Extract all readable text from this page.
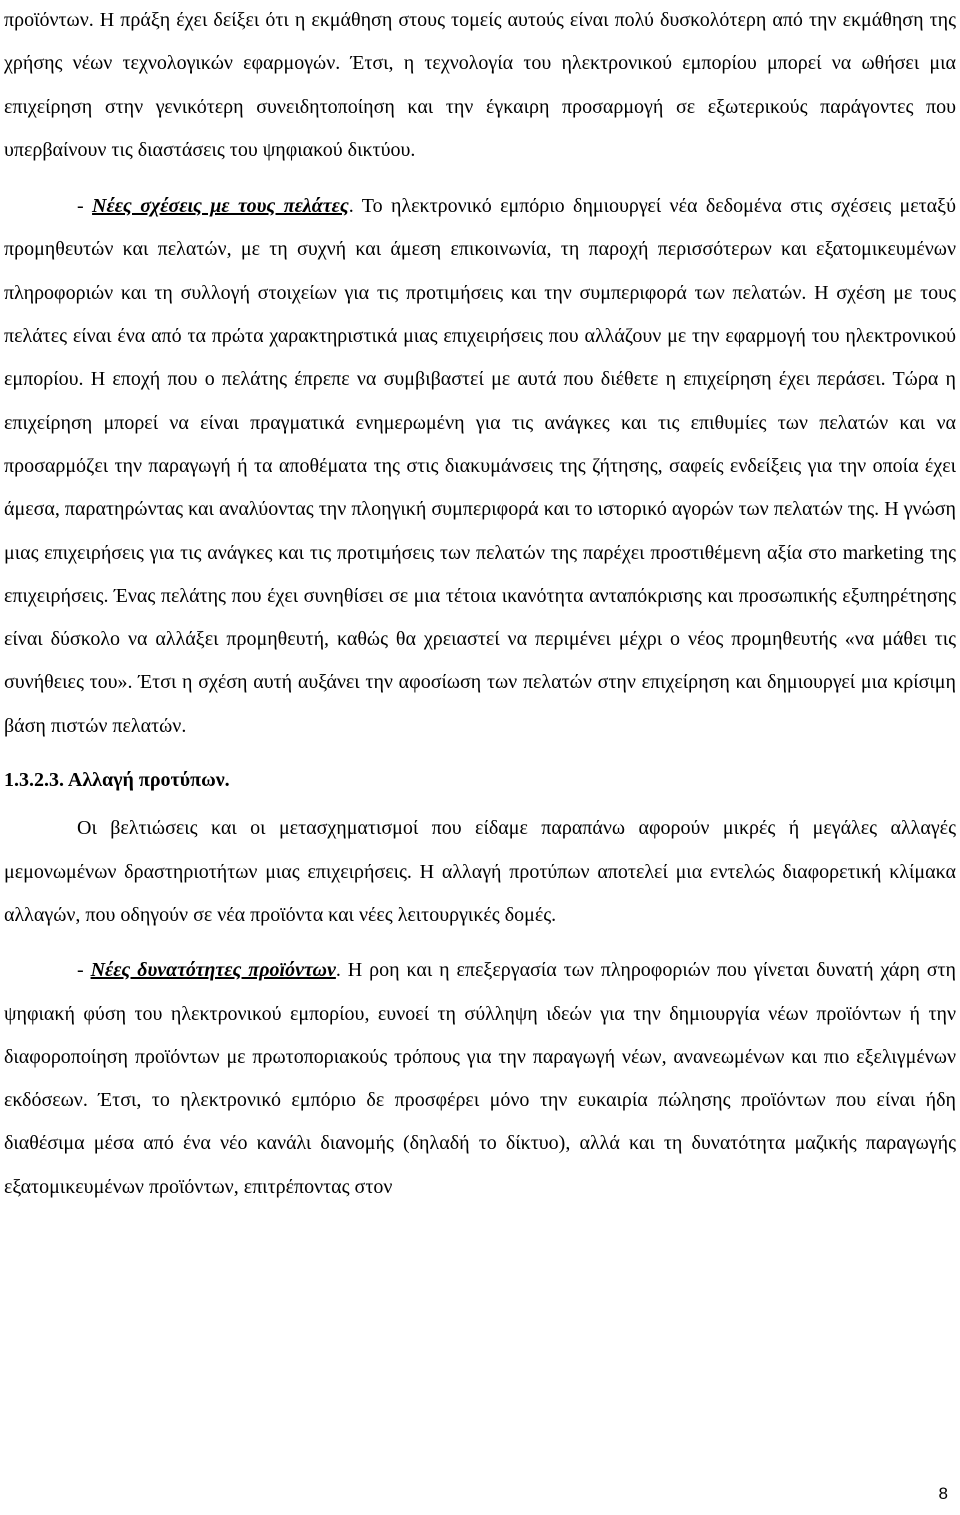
προϊόντων. Η πράξη έχει δείξει ότι η εκμάθηση στους τομείς αυτούς είναι πολύ δυσκολότερη από την εκμάθηση της χρήσης νέων τεχνολογικών εφαρμογών. Έτσι, η τεχνολογία του ηλεκτρονικού εμπορίου μπορεί να ωθήσει μια επιχείρηση στην γενικότερη συνειδητοποίηση και την έγκαιρη προσαρμογή σε εξωτερικούς παράγοντες που υπερβαίνουν τις διαστάσεις του ψηφιακού δικτύου.

- Νέες σχέσεις με τους πελάτες. Το ηλεκτρονικό εμπόριο δημιουργεί νέα δεδομένα στις σχέσεις μεταξύ προμηθευτών και πελατών, με τη συχνή και άμεση επικοινωνία, τη παροχή περισσότερων και εξατομικευμένων πληροφοριών και τη συλλογή στοιχείων για τις προτιμήσεις και την συμπεριφορά των πελατών. Η σχέση με τους πελάτες είναι ένα από τα πρώτα χαρακτηριστικά μιας επιχειρήσεις που αλλάζουν με την εφαρμογή του ηλεκτρονικού εμπορίου. Η εποχή που ο πελάτης έπρεπε να συμβιβαστεί με αυτά που διέθετε η επιχείρηση έχει περάσει. Τώρα η επιχείρηση μπορεί να είναι πραγματικά ενημερωμένη για τις ανάγκες και τις επιθυμίες των πελατών και να προσαρμόζει την παραγωγή ή τα αποθέματα της στις διακυμάνσεις της ζήτησης, σαφείς ενδείξεις για την οποία έχει άμεσα, παρατηρώντας και αναλύοντας την πλοηγική συμπεριφορά και το ιστορικό αγορών των πελατών της. Η γνώση μιας επιχειρήσεις για τις ανάγκες και τις προτιμήσεις των πελατών της παρέχει προστιθέμενη αξία στο marketing της επιχειρήσεις. Ένας πελάτης που έχει συνηθίσει σε μια τέτοια ικανότητα ανταπόκρισης και προσωπικής εξυπηρέτησης είναι δύσκολο να αλλάξει προμηθευτή, καθώς θα χρειαστεί να περιμένει μέχρι ο νέος προμηθευτής «να μάθει τις συνήθειες του». Έτσι η σχέση αυτή αυξάνει την αφοσίωση των πελατών στην επιχείρηση και δημιουργεί μια κρίσιμη βάση πιστών πελατών.

1.3.2.3. Αλλαγή προτύπων.

Οι βελτιώσεις και οι μετασχηματισμοί που είδαμε παραπάνω αφορούν μικρές ή μεγάλες αλλαγές μεμονωμένων δραστηριοτήτων μιας επιχειρήσεις. Η αλλαγή προτύπων αποτελεί μια εντελώς διαφορετική κλίμακα αλλαγών, που οδηγούν σε νέα προϊόντα και νέες λειτουργικές δομές.

- Νέες δυνατότητες προϊόντων. Η ροη και η επεξεργασία των πληροφοριών που γίνεται δυνατή χάρη στη ψηφιακή φύση του ηλεκτρονικού εμπορίου, ευνοεί τη σύλληψη ιδεών για την δημιουργία νέων προϊόντων ή την διαφοροποίηση προϊόντων με πρωτοποριακούς τρόπους για την παραγωγή νέων, ανανεωμένων και πιο εξελιγμένων εκδόσεων. Έτσι, το ηλεκτρονικό εμπόριο δε προσφέρει μόνο την ευκαιρία πώλησης προϊόντων που είναι ήδη διαθέσιμα μέσα από ένα νέο κανάλι διανομής (δηλαδή το δίκτυο), αλλά και τη δυνατότητα μαζικής παραγωγής εξατομικευμένων προϊόντων, επιτρέποντας στον

8
